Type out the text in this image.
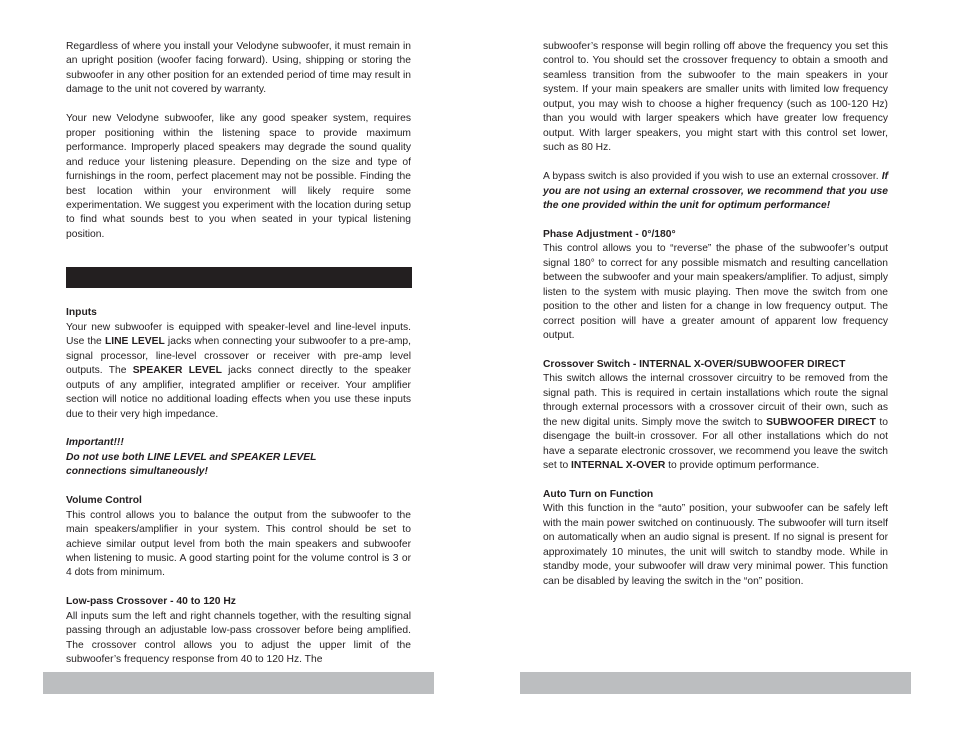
Regardless of where you install your Velodyne subwoofer, it must remain in an upright position (woofer facing forward). Using, shipping or storing the subwoofer in any other position for an extended period of time may result in damage to the unit not covered by warranty.

Your new Velodyne subwoofer, like any good speaker system, requires proper positioning within the listening space to provide maximum performance. Improperly placed speakers may degrade the sound quality and reduce your listening pleasure. Depending on the size and type of furnishings in the room, perfect placement may not be possible. Finding the best location within your environment will likely require some experimentation. We suggest you experiment with the location during setup to find what sounds best to you when seated in your typical listening position.

Inputs

Your new subwoofer is equipped with speaker-level and line-level inputs. Use the LINE LEVEL jacks when connecting your subwoofer to a pre-amp, signal processor, line-level crossover or receiver with pre-amp level outputs. The SPEAKER LEVEL jacks connect directly to the speaker outputs of any amplifier, integrated amplifier or receiver. Your amplifier section will notice no additional loading effects when you use these inputs due to their very high impedance.

Important!!!

Do not use both LINE LEVEL and SPEAKER LEVEL

connections simultaneously!

Volume Control

This control allows you to balance the output from the subwoofer to the main speakers/amplifier in your system. This control should be set to achieve similar output level from both the main speakers and subwoofer when listening to music. A good starting point for the volume control is 3 or 4 dots from minimum.

Low-pass Crossover - 40 to 120 Hz

All inputs sum the left and right channels together, with the resulting signal passing through an adjustable low-pass crossover before being amplified. The crossover control allows you to adjust the upper limit of the subwoofer’s frequency response from 40 to 120 Hz. The

subwoofer’s response will begin rolling off above the frequency you set this control to. You should set the crossover frequency to obtain a smooth and seamless transition from the subwoofer to the main speakers in your system. If your main speakers are smaller units with limited low frequency output, you may wish to choose a higher frequency (such as 100-120 Hz) than you would with larger speakers which have greater low frequency output. With larger speakers, you might start with this control set lower, such as 80 Hz.

A bypass switch is also provided if you wish to use an external crossover. If you are not using an external crossover, we recommend that you use the one provided within the unit for optimum performance!

Phase Adjustment - 0°/180°

This control allows you to “reverse” the phase of the subwoofer’s output signal 180° to correct for any possible mismatch and resulting cancellation between the subwoofer and your main speakers/amplifier. To adjust, simply listen to the system with music playing. Then move the switch from one position to the other and listen for a change in low frequency output. The correct position will have a greater amount of apparent low frequency output.

Crossover Switch - INTERNAL X-OVER/SUBWOOFER DIRECT

This switch allows the internal crossover circuitry to be removed from the signal path. This is required in certain installations which route the signal through external processors with a crossover circuit of their own, such as the new digital units. Simply move the switch to SUBWOOFER DIRECT to disengage the built-in crossover. For all other installations which do not have a separate electronic crossover, we recommend you leave the switch set to INTERNAL X-OVER to provide optimum performance.

Auto Turn on Function

With this function in the “auto” position, your subwoofer can be safely left with the main power switched on continuously. The subwoofer will turn itself on automatically when an audio signal is present. If no signal is present for approximately 10 minutes, the unit will switch to standby mode. While in standby mode, your subwoofer will draw very minimal power. This function can be disabled by leaving the switch in the “on” position.
